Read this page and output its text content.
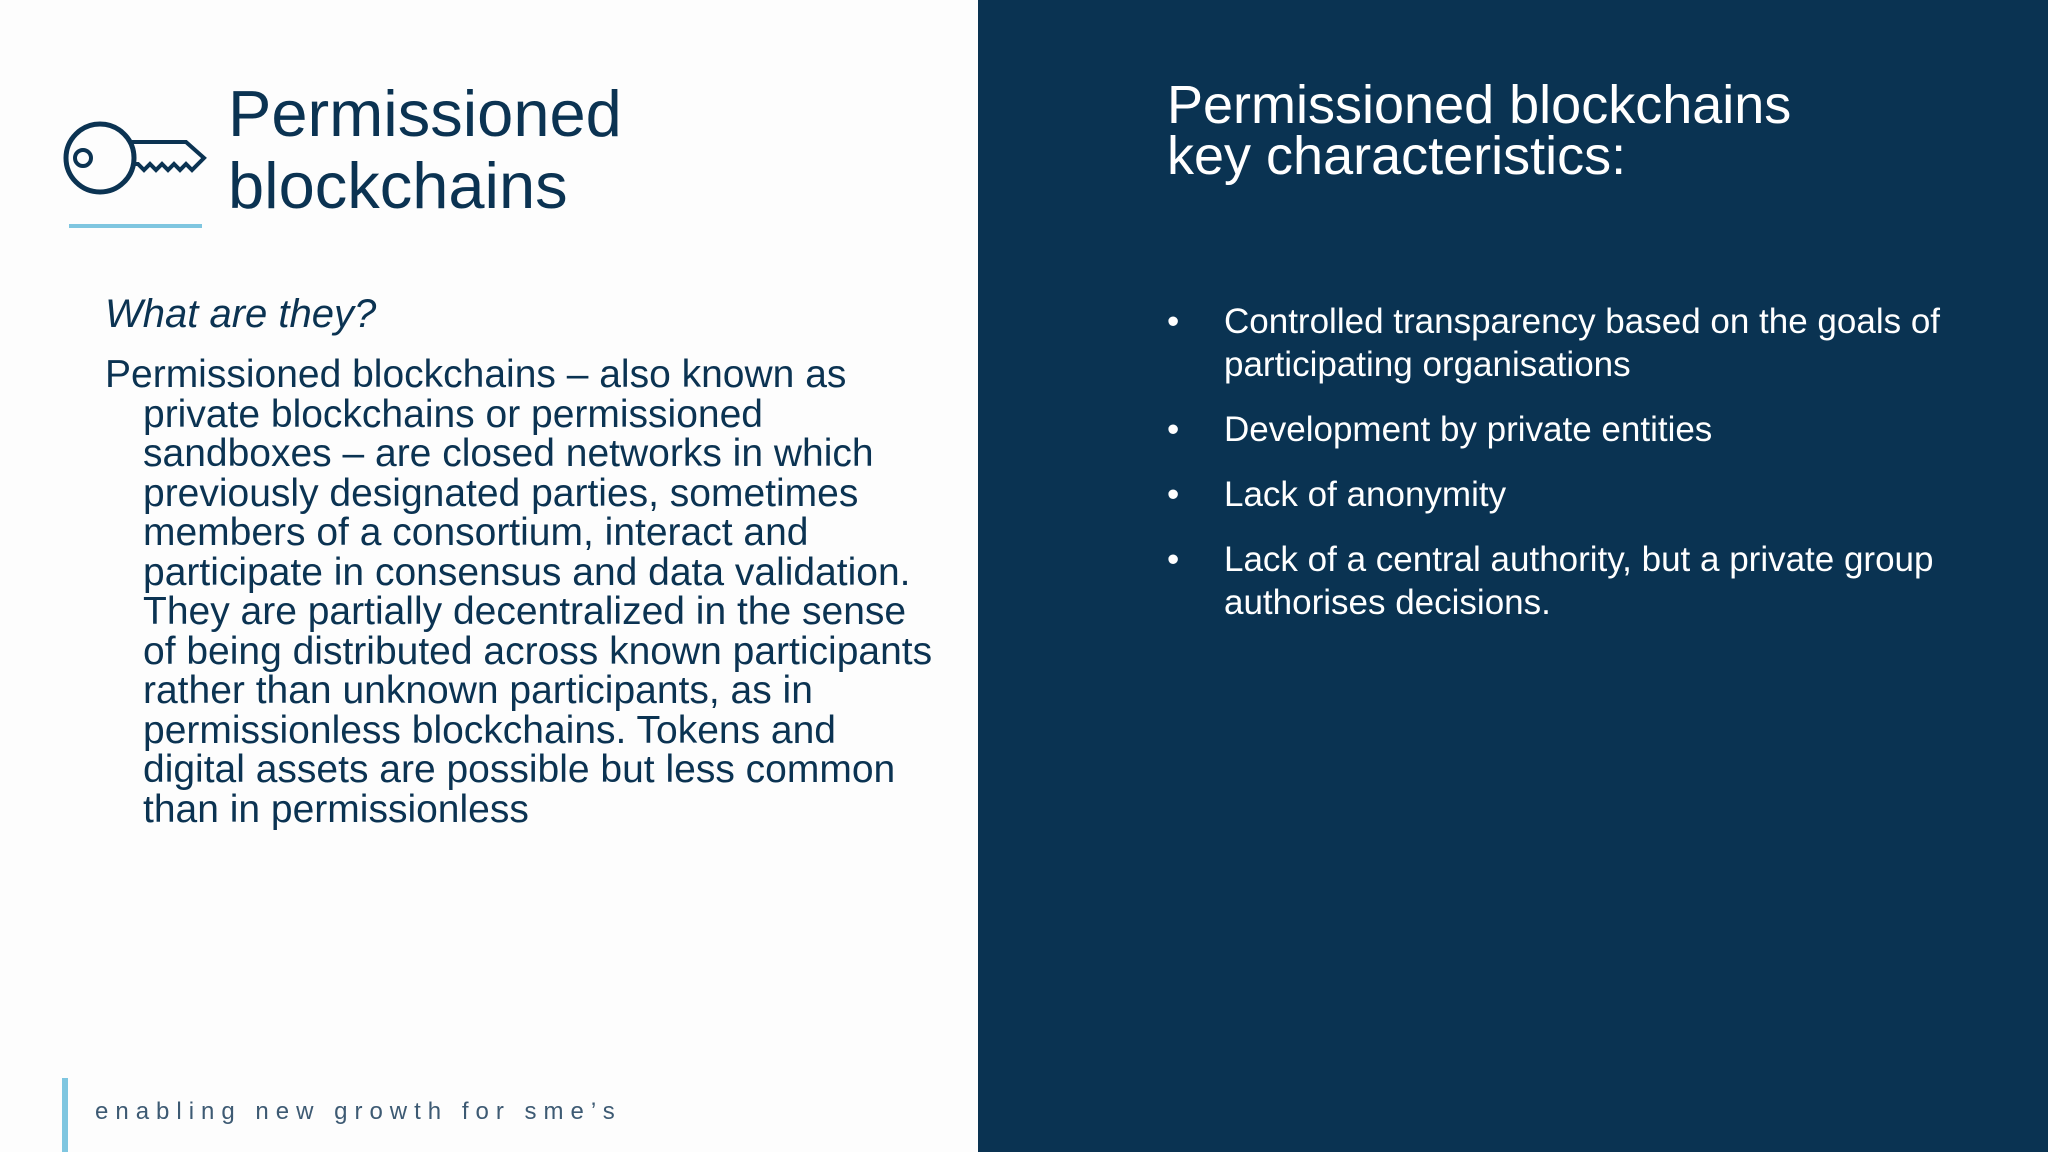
Permissioned blockchains

What are they?

Permissioned blockchains – also known as private blockchains or permissioned sandboxes – are closed networks in which previously designated parties, sometimes members of a consortium, interact and participate in consensus and data validation. They are partially decentralized in the sense of being distributed across known participants rather than unknown participants, as in permissionless blockchains. Tokens and digital assets are possible but less common than in permissionless

enabling new growth for sme’s
Permissioned blockchains
key characteristics:
• Controlled transparency based on the goals of participating organisations
• Development by private entities
• Lack of anonymity
• Lack of a central authority, but a private group authorises decisions.
